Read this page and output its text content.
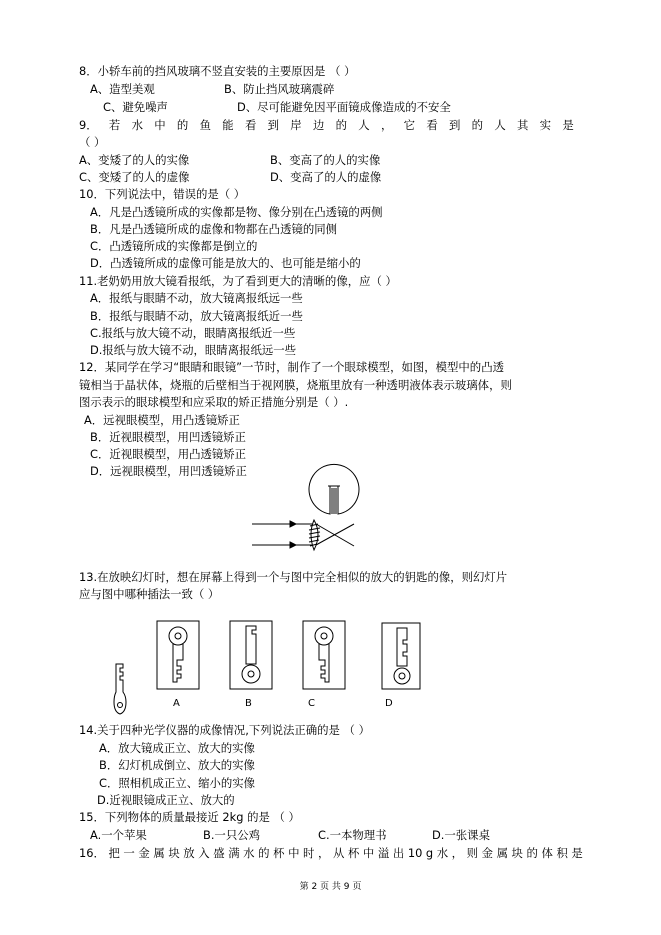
8．小轿车前的挡风玻璃不竖直安装的主要原因是 （ ）
A、造型美观	B、防止挡风玻璃震碎
C、避免噪声	D、尽可能避免因平面镜成像造成的不安全
9． 若 水 中 的 鱼 能 看 到 岸 边 的 人 ， 它 看 到 的 人 其 实 是
（ ）
A、变矮了的人的实像	B、变高了的人的实像
C、变矮了的人的虚像	D、变高了的人的虚像
10．下列说法中，错误的是（ ）
A．凡是凸透镜所成的实像都是物、像分别在凸透镜的两侧
B．凡是凸透镜所成的虚像和物都在凸透镜的同侧
C．凸透镜所成的实像都是倒立的
D．凸透镜所成的虚像可能是放大的、也可能是缩小的
11.老奶奶用放大镜看报纸，为了看到更大的清晰的像，应（ ）
A．报纸与眼睛不动，放大镜离报纸远一些
B．报纸与眼睛不动，放大镜离报纸近一些
C.报纸与放大镜不动，眼睛离报纸近一些
D.报纸与放大镜不动，眼睛离报纸远一些
12．某同学在学习“眼睛和眼镜”一节时，制作了一个眼球模型，如图，模型中的凸透
镜相当于晶状体，烧瓶的后壁相当于视网膜，烧瓶里放有一种透明液体表示玻璃体，则
图示表示的眼球模型和应采取的矫正措施分别是（ ）.
A．远视眼模型，用凸透镜矫正
B．近视眼模型，用凹透镜矫正
C．近视眼模型，用凸透镜矫正
D．远视眼模型，用凹透镜矫正
13.在放映幻灯时，想在屏幕上得到一个与图中完全相似的放大的钥匙的像，则幻灯片
应与图中哪种插法一致（ ）
A	B	C	D
14.关于四种光学仪器的成像情况,下列说法正确的是 （ ）
A．放大镜成正立、放大的实像
B．幻灯机成倒立、放大的实像
C．照相机成正立、缩小的实像
D.近视眼镜成正立、放大的
15．下列物体的质量最接近 2kg 的是 （ ）
A.一个苹果	B.一只公鸡	C.一本物理书	D.一张课桌
16． 把 一 金 属 块 放 入 盛 满 水 的 杯 中 时 ， 从 杯 中 溢 出 10 g 水 ， 则 金 属 块 的 体 积 是
第 2 页 共 9 页
